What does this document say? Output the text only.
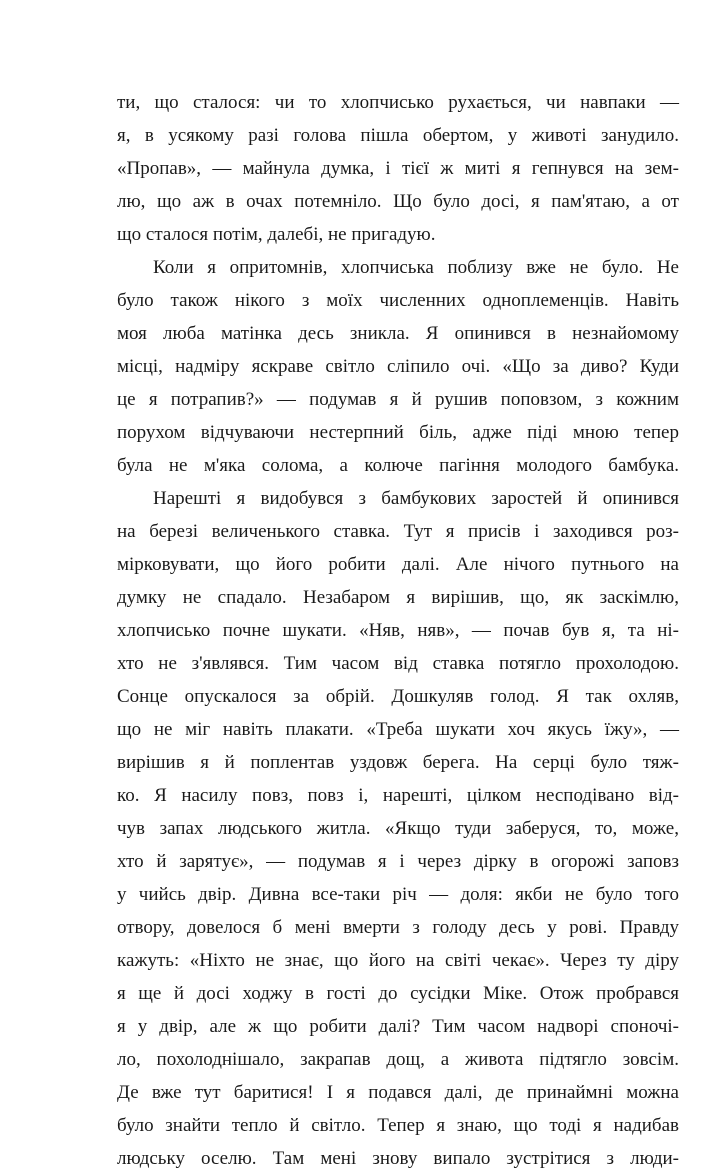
ти, що сталося: чи то хлопчисько рухається, чи навпаки —
я, в усякому разі голова пішла обертом, у животі занудило.
«Пропав», — майнула думка, і тієї ж миті я гепнувся на зем-
лю, що аж в очах потемніло. Що було досі, я пам'ятаю, а от
що сталося потім, далебі, не пригадую.
Коли я опритомнів, хлопчиська поблизу вже не було. Не
було також нікого з моїх численних одноплеменців. Навіть
моя люба матінка десь зникла. Я опинився в незнайомому
місці, надміру яскраве світло сліпило очі. «Що за диво? Куди
це я потрапив?» — подумав я й рушив поповзом, з кожним
порухом відчуваючи нестерпний біль, адже піді мною тепер
була не м'яка солома, а колюче пагіння молодого бамбука.
Нарешті я видобувся з бамбукових заростей й опинився
на березі величенького ставка. Тут я присів і заходився роз-
мірковувати, що його робити далі. Але нічого путнього на
думку не спадало. Незабаром я вирішив, що, як заскімлю,
хлопчисько почне шукати. «Няв, няв», — почав був я, та ні-
хто не з'являвся. Тим часом від ставка потягло прохолодою.
Сонце опускалося за обрій. Дошкуляв голод. Я так охляв,
що не міг навіть плакати. «Треба шукати хоч якусь їжу», —
вирішив я й поплентав уздовж берега. На серці було тяж-
ко. Я насилу повз, повз і, нарешті, цілком несподівано від-
чув запах людського житла. «Якщо туди заберуся, то, може,
хто й зарятує», — подумав я і через дірку в огорожі заповз
у чийсь двір. Дивна все-таки річ — доля: якби не було того
отвору, довелося б мені вмерти з голоду десь у рові. Правду
кажуть: «Ніхто не знає, що його на світі чекає». Через ту діру
я ще й досі ходжу в гості до сусідки Міке. Отож пробрався
я у двір, але ж що робити далі? Тим часом надворі споночі-
ло, похолоднішало, закрапав дощ, а живота підтягло зовсім.
Де вже тут баритися! І я подався далі, де принаймні можна
було знайти тепло й світло. Тепер я знаю, що тоді я надибав
людську оселю. Там мені знову випало зустрітися з люди-
